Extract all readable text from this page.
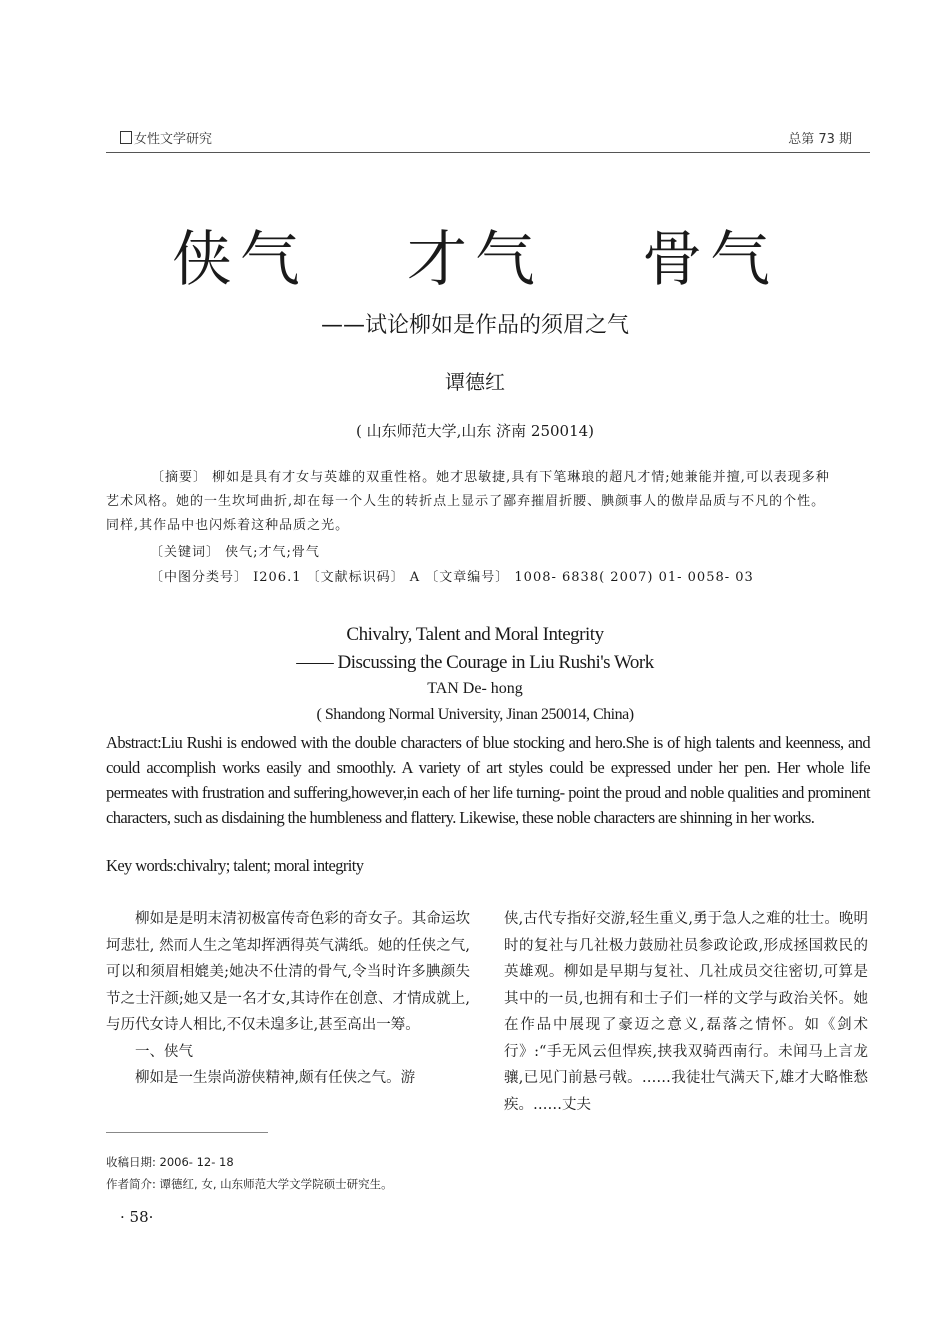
女性文学研究	总第 73 期
侠气 才气 骨气
——试论柳如是作品的须眉之气
谭德红
( 山东师范大学,山东 济南 250014)
〔摘要〕 柳如是具有才女与英雄的双重性格。她才思敏捷,具有下笔琳琅的超凡才情;她兼能并擅,可以表现多种
艺术风格。她的一生坎坷曲折,却在每一个人生的转折点上显示了鄙弃摧眉折腰、腆颜事人的傲岸品质与不凡的个性。
同样,其作品中也闪烁着这种品质之光。
〔关键词〕 侠气;才气;骨气
〔中图分类号〕 I206.1 〔文献标识码〕 A 〔文章编号〕 1008- 6838( 2007) 01- 0058- 03
Chivalry, Talent and Moral Integrity
—— Discussing the Courage in Liu Rushi's Work
TAN De- hong
( Shandong Normal University, Jinan 250014, China)
Abstract:Liu Rushi is endowed with the double characters of blue stocking and hero.She is of high talents and keenness, and could accomplish works easily and smoothly. A variety of art styles could be expressed under her pen. Her whole life permeates with frustration and suffering,however,in each of her life turning- point the proud and noble qualities and prominent characters, such as disdaining the humbleness and flattery. Likewise, these noble characters are shinning in her works.
Key words:chivalry; talent; moral integrity

柳如是是明末清初极富传奇色彩的奇女子。其命运坎坷悲壮, 然而人生之笔却挥洒得英气满纸。她的任侠之气,可以和须眉相媲美;她决不仕清的骨气,令当时许多腆颜失节之士汗颜;她又是一名才女,其诗作在创意、才情成就上,与历代女诗人相比,不仅未遑多让,甚至高出一筹。

一、侠气

柳如是一生崇尚游侠精神,颇有任侠之气。游

侠,古代专指好交游,轻生重义,勇于急人之难的壮士。晚明时的复社与几社极力鼓励社员参政论政,形成拯国救民的英雄观。柳如是早期与复社、几社成员交往密切,可算是其中的一员,也拥有和士子们一样的文学与政治关怀。她在作品中展现了豪迈之意义,磊落之情怀。如《剑术行》:“手无风云但悍疾,挟我双骑西南行。未闻马上言龙骧,已见门前悬弓戟。……我徒壮气满天下,雄才大略惟愁疾。……丈夫

收稿日期: 2006- 12- 18
作者简介: 谭德红, 女, 山东师范大学文学院硕士研究生。
· 58·
